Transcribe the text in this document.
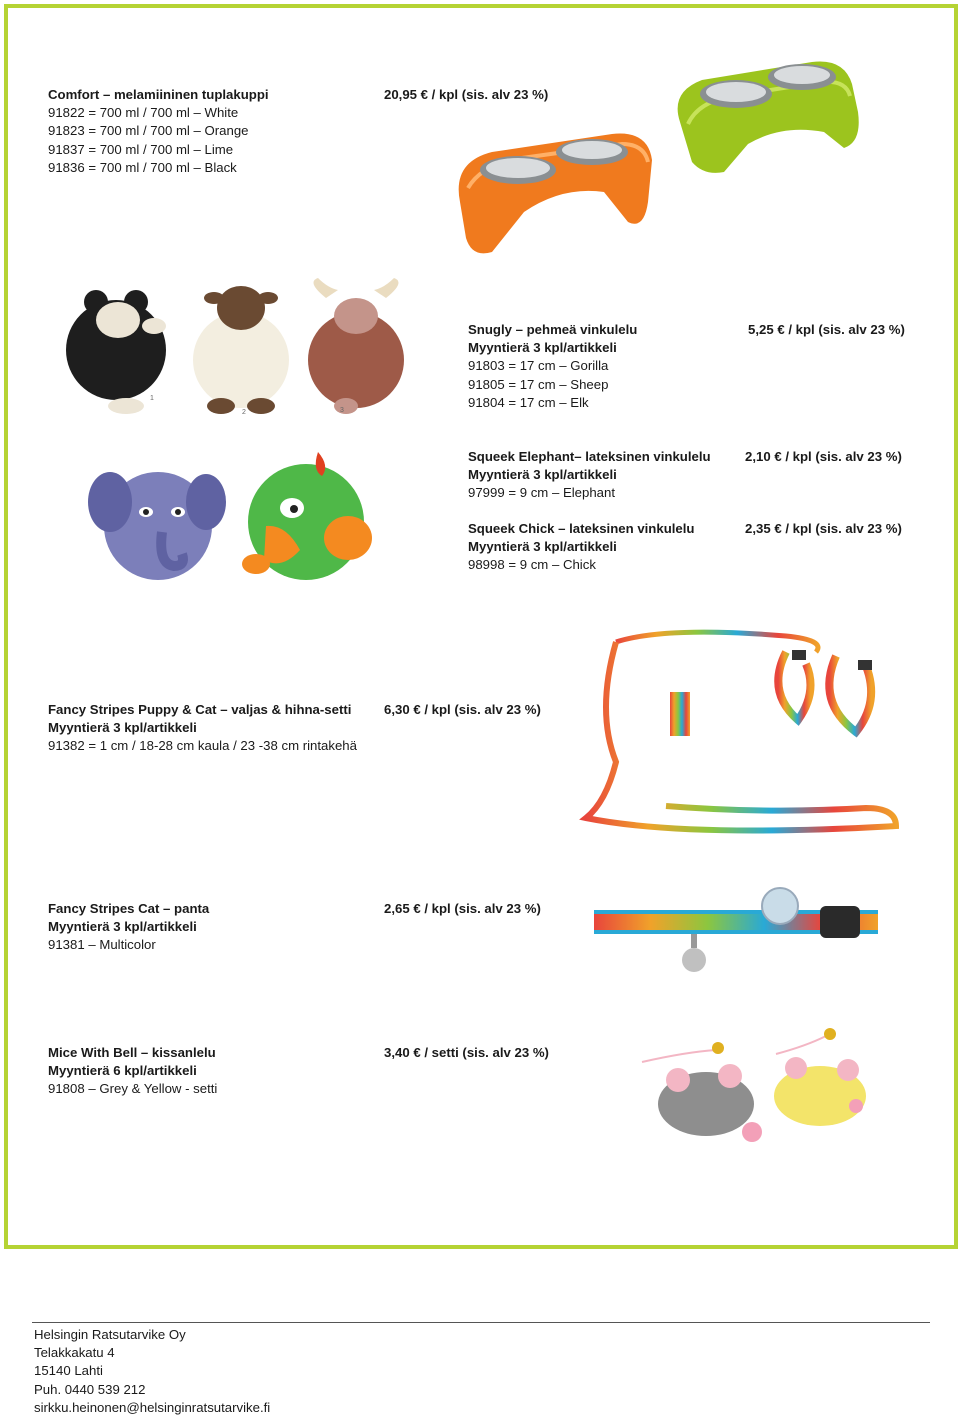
Comfort – melamiininen tuplakuppi
91822 = 700 ml / 700 ml – White
91823 = 700 ml / 700 ml – Orange
91837 = 700 ml / 700 ml – Lime
91836 = 700 ml / 700 ml – Black
20,95 € / kpl (sis. alv 23 %)
1
2	3
Snugly – pehmeä vinkulelu
Myyntierä 3 kpl/artikkeli
91803 = 17 cm – Gorilla
91805 = 17 cm – Sheep
91804 = 17 cm – Elk
5,25 € / kpl (sis. alv 23 %)
Squeek Elephant– lateksinen vinkulelu
Myyntierä 3 kpl/artikkeli
97999 = 9 cm – Elephant
2,10 € / kpl (sis. alv 23 %)
Squeek Chick – lateksinen vinkulelu
Myyntierä 3 kpl/artikkeli
98998 = 9 cm – Chick
2,35 € / kpl (sis. alv 23 %)
Fancy Stripes Puppy & Cat – valjas & hihna-setti
Myyntierä 3 kpl/artikkeli
91382 = 1 cm / 18-28 cm kaula / 23 -38 cm rintakehä
6,30 € / kpl (sis. alv 23 %)
Fancy Stripes Cat – panta
Myyntierä 3 kpl/artikkeli
91381 – Multicolor
2,65 € / kpl (sis. alv 23 %)
Mice With Bell – kissanlelu
Myyntierä 6 kpl/artikkeli
91808 – Grey & Yellow - setti
3,40 € / setti (sis. alv 23 %)
Helsingin Ratsutarvike Oy
Telakkakatu 4
15140 Lahti
Puh. 0440 539 212
sirkku.heinonen@helsinginratsutarvike.fi
